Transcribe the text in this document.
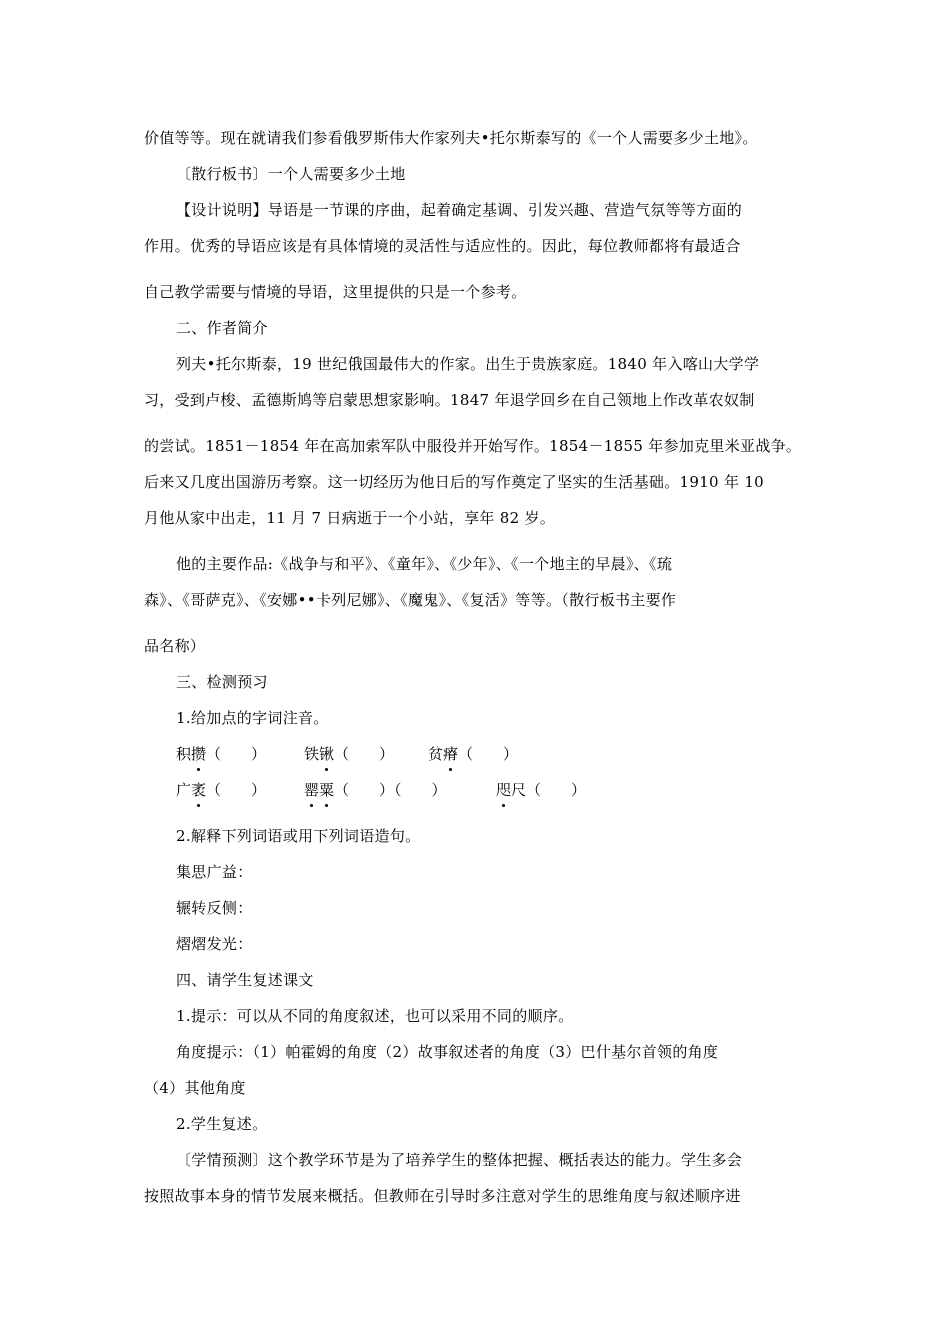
价值等等。现在就请我们参看俄罗斯伟大作家列夫•托尔斯泰写的《一个人需要多少土地》。
〔散行板书〕一个人需要多少土地
【设计说明】导语是一节课的序曲，起着确定基调、引发兴趣、营造气氛等等方面的
作用。优秀的导语应该是有具体情境的灵活性与适应性的。因此，每位教师都将有最适合
自己教学需要与情境的导语，这里提供的只是一个参考。
二、作者简介
列夫•托尔斯泰，19 世纪俄国最伟大的作家。出生于贵族家庭。1840 年入喀山大学学
习，受到卢梭、孟德斯鸠等启蒙思想家影响。1847 年退学回乡在自己领地上作改革农奴制
的尝试。1851－1854 年在高加索军队中服役并开始写作。1854－1855 年参加克里米亚战争。
后来又几度出国游历考察。这一切经历为他日后的写作奠定了坚实的生活基础。1910 年 10
月他从家中出走，11 月 7 日病逝于一个小站，享年 82 岁。
他的主要作品:《战争与和平》、《童年》、《少年》、《一个地主的早晨》、《琉
森》、《哥萨克》、《安娜••卡列尼娜》、《魔鬼》、《复活》等等。（散行板书主要作
品名称）
三、检测预习
1.给加点的字词注音。
积攒（　　）	铁锹（　　） 贫瘠（　　）
广袤（　　）	罂粟（　　）（　　）	咫尺（　　）
2.解释下列词语或用下列词语造句。
集思广益：
辗转反侧：
熠熠发光：
四、请学生复述课文
1.提示：可以从不同的角度叙述，也可以采用不同的顺序。
角度提示：（1）帕霍姆的角度（2）故事叙述者的角度（3）巴什基尔首领的角度
（4）其他角度
2.学生复述。
〔学情预测〕这个教学环节是为了培养学生的整体把握、概括表达的能力。学生多会
按照故事本身的情节发展来概括。但教师在引导时多注意对学生的思维角度与叙述顺序进
